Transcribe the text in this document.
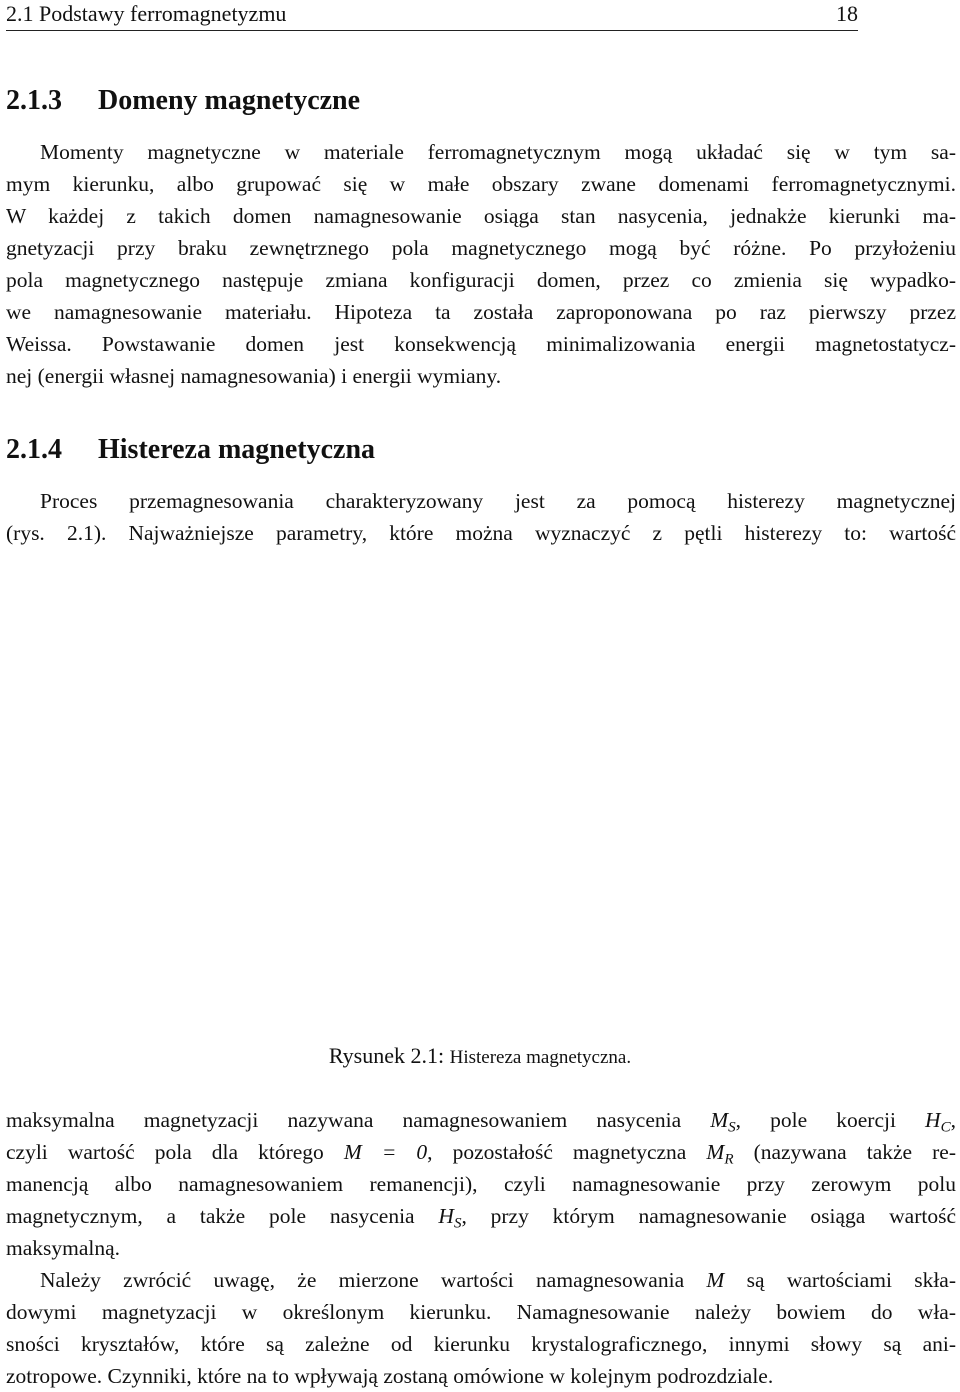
2.1 Podstawy ferromagnetyzmu	18
2.1.3 Domeny magnetyczne
Momenty magnetyczne w materiale ferromagnetycznym mogą układać się w tym sa-
mym kierunku, albo grupować się w małe obszary zwane domenami ferromagnetycznymi.
W każdej z takich domen namagnesowanie osiąga stan nasycenia, jednakże kierunki ma-
gnetyzacji przy braku zewnętrznego pola magnetycznego mogą być różne. Po przyłożeniu
pola magnetycznego następuje zmiana konfiguracji domen, przez co zmienia się wypadko-
we namagnesowanie materiału. Hipoteza ta została zaproponowana po raz pierwszy przez
Weissa. Powstawanie domen jest konsekwencją minimalizowania energii magnetostatycz-
nej (energii własnej namagnesowania) i energii wymiany.
2.1.4 Histereza magnetyczna
Proces przemagnesowania charakteryzowany jest za pomocą histerezy magnetycznej
(rys. 2.1). Najważniejsze parametry, które można wyznaczyć z pętli histerezy to: wartość
Rysunek 2.1: Histereza magnetyczna.
maksymalna magnetyzacji nazywana namagnesowaniem nasycenia $M_S$, pole koercji $H_C$,
czyli wartość pola dla którego M = 0, pozostałość magnetyczna $M_R$ (nazywana także re-
manencją albo namagnesowaniem remanencji), czyli namagnesowanie przy zerowym polu
magnetycznym, a także pole nasycenia $H_S$, przy którym namagnesowanie osiąga wartość
maksymalną.
Należy zwrócić uwagę, że mierzone wartości namagnesowania M są wartościami skła-
dowymi magnetyzacji w określonym kierunku. Namagnesowanie należy bowiem do wła-
sności kryształów, które są zależne od kierunku krystalograficznego, innymi słowy są ani-
zotropowe. Czynniki, które na to wpływają zostaną omówione w kolejnym podrozdziale.
